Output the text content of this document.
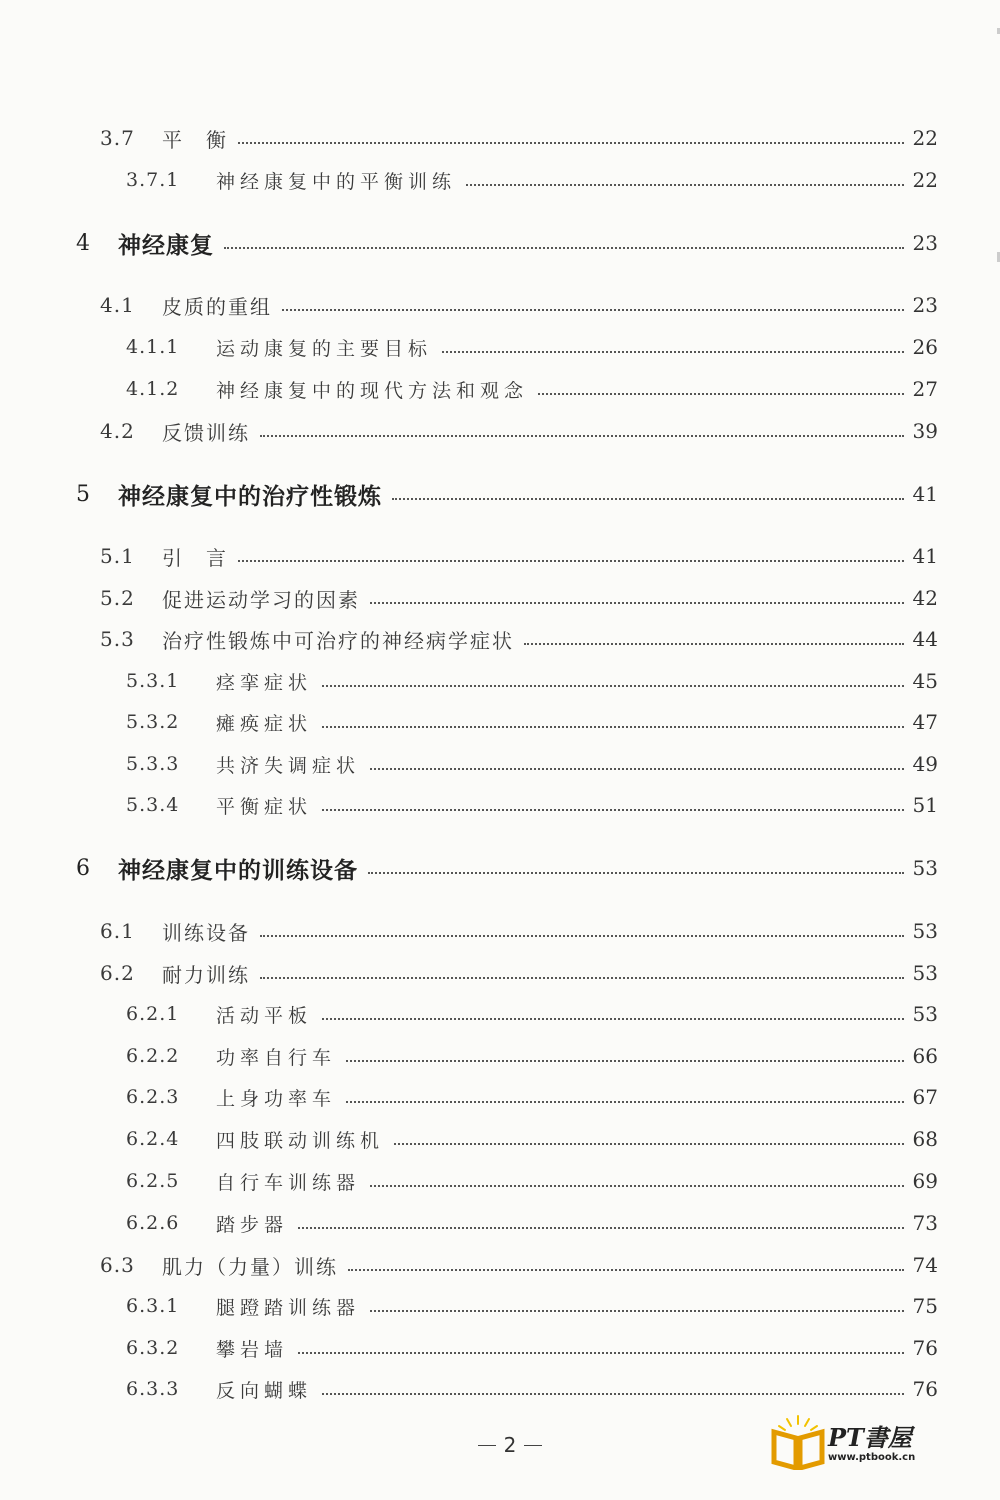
3.7 平　衡	22
3.7.1 神经康复中的平衡训练	22
4 神经康复	23
4.1 皮质的重组	23
4.1.1 运动康复的主要目标	26
4.1.2 神经康复中的现代方法和观念	27
4.2 反馈训练	39
5 神经康复中的治疗性锻炼	41
5.1 引　言	41
5.2 促进运动学习的因素	42
5.3 治疗性锻炼中可治疗的神经病学症状	44
5.3.1 痉挛症状	45
5.3.2 瘫痪症状	47
5.3.3 共济失调症状	49
5.3.4 平衡症状	51
6 神经康复中的训练设备	53
6.1 训练设备	53
6.2 耐力训练	53
6.2.1 活动平板	53
6.2.2 功率自行车	66
6.2.3 上身功率车	67
6.2.4 四肢联动训练机	68
6.2.5 自行车训练器	69
6.2.6 踏步器	73
6.3 肌力（力量）训练	74
6.3.1 腿蹬踏训练器	75
6.3.2 攀岩墙	76
6.3.3 反向蝴蝶	76
2	PT書屋
www.ptbook.cn
